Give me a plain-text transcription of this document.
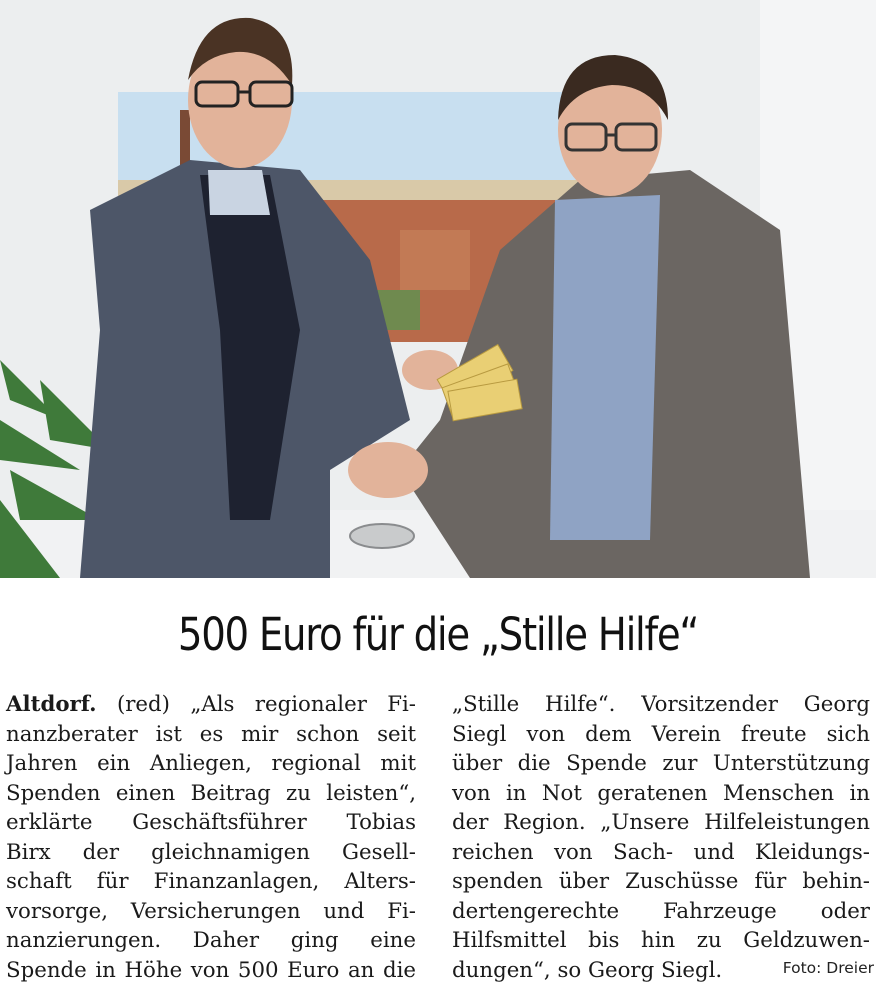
500 Euro für die „Stille Hilfe“
Altdorf. (red) „Als regionaler Fi-
nanzberater ist es mir schon seit
Jahren ein Anliegen, regional mit
Spenden einen Beitrag zu leisten“,
erklärte Geschäftsführer Tobias
Birx der gleichnamigen Gesell-
schaft für Finanzanlagen, Alters-
vorsorge, Versicherungen und Fi-
nanzierungen. Daher ging eine
Spende in Höhe von 500 Euro an die
„Stille Hilfe“. Vorsitzender Georg
Siegl von dem Verein freute sich
über die Spende zur Unterstützung
von in Not geratenen Menschen in
der Region. „Unsere Hilfeleistungen
reichen von Sach- und Kleidungs-
spenden über Zuschüsse für behin-
dertengerechte Fahrzeuge oder
Hilfsmittel bis hin zu Geldzuwen-
dungen“, so Georg Siegl.	Foto: Dreier
